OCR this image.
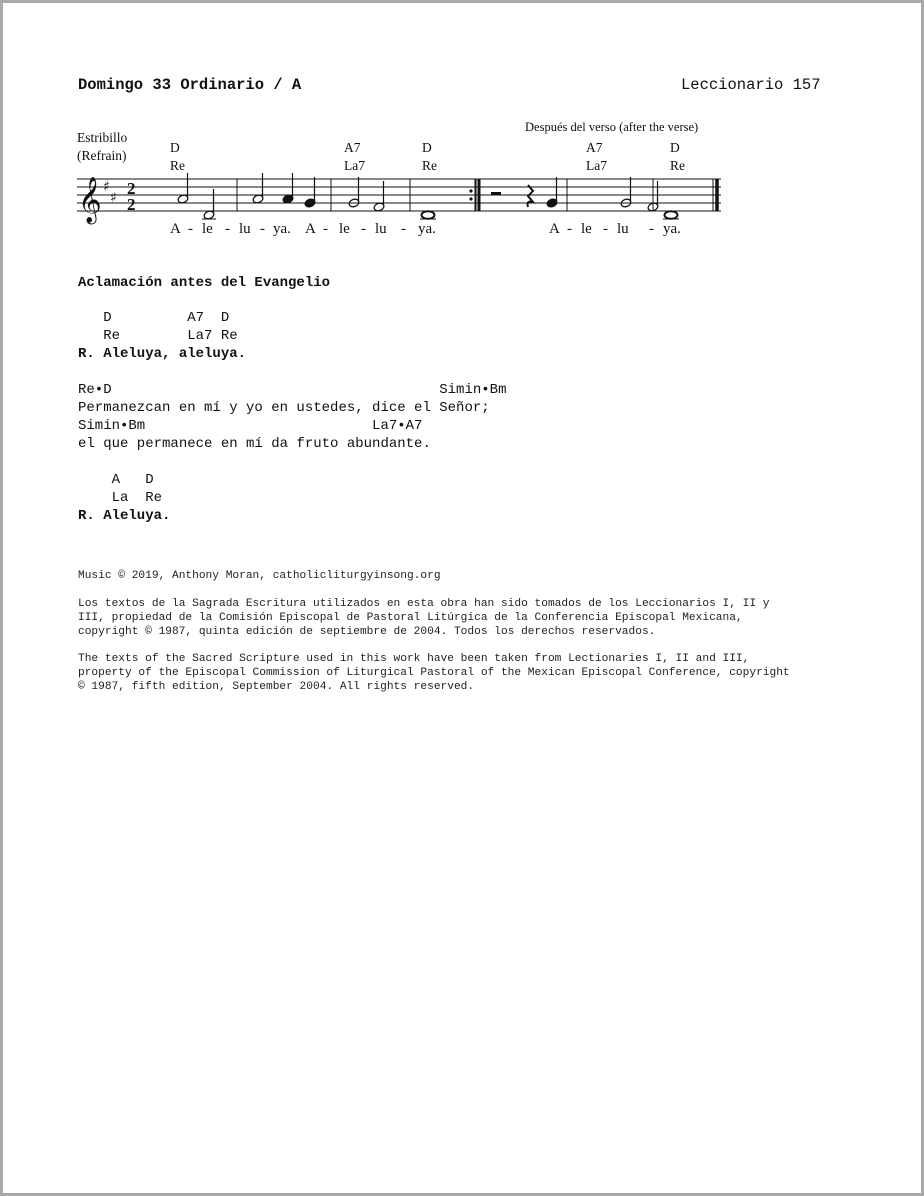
Domingo 33 Ordinario / A	Leccionario 157
Estribillo
(Refrain)
Después del verso (after the verse)
D
Re
A7
La7
D
Re
A7
La7
D
Re
𝄞 ♯
♯ 2
2
A - le - lu - ya. A - le - lu - ya.	A - le - lu - ya.
Aclamación antes del Evangelio
D         A7  D
Re        La7 Re
R. Aleluya, aleluya.
Re•D                                       Simin•Bm
Permanezcan en mí y yo en ustedes, dice el Señor;
Simin•Bm                           La7•A7
el que permanece en mí da fruto abundante.
A   D
La  Re
R. Aleluya.
Music © 2019, Anthony Moran, catholicliturgyinsong.org
Los textos de la Sagrada Escritura utilizados en esta obra han sido tomados de los Leccionarios I, II y
III, propiedad de la Comisión Episcopal de Pastoral Litúrgica de la Conferencia Episcopal Mexicana,
copyright © 1987, quinta edición de septiembre de 2004. Todos los derechos reservados.
The texts of the Sacred Scripture used in this work have been taken from Lectionaries I, II and III,
property of the Episcopal Commission of Liturgical Pastoral of the Mexican Episcopal Conference, copyright
© 1987, fifth edition, September 2004. All rights reserved.
